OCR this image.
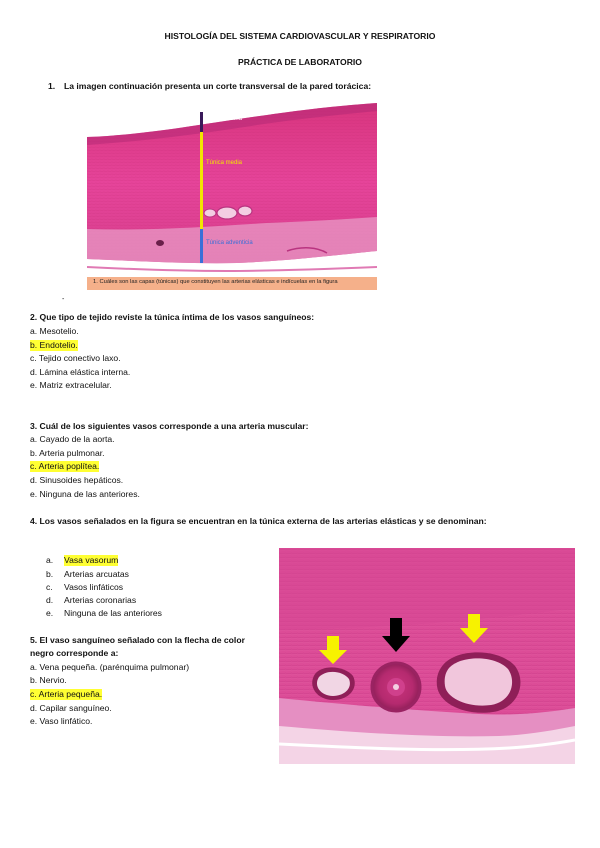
HISTOLOGÍA DEL SISTEMA CARDIOVASCULAR Y RESPIRATORIO
PRÁCTICA DE LABORATORIO
1. La imagen continuación presenta un corte transversal de la pared torácica:
Túnica íntima
Túnica media
Túnica adventicia
1. Cuáles son las capas (túnicas) que constituyen las arterias elásticas e indícuelas en la figura
-
2. Que tipo de tejido reviste la túnica íntima de los vasos sanguíneos:
a. Mesotelio.
b. Endotelio.
c. Tejido conectivo laxo.
d. Lámina elástica interna.
e. Matriz extracelular.
3. Cuál de los siguientes vasos corresponde a una arteria muscular:
a. Cayado de la aorta.
b. Arteria pulmonar.
c. Arteria poplítea.
d. Sinusoides hepáticos.
e. Ninguna de las anteriores.
4. Los vasos señalados en la figura se encuentran en la túnica externa de las arterias elásticas y se denominan:
a. Vasa vasorum
b. Arterias arcuatas
c. Vasos linfáticos
d. Arterias coronarias
e. Ninguna de las anteriores
5. El vaso sanguíneo señalado con la flecha de color
negro corresponde a:
a. Vena pequeña. (parénquima pulmonar)
b. Nervio.
c. Arteria pequeña.
d. Capilar sanguíneo.
e. Vaso linfático.
